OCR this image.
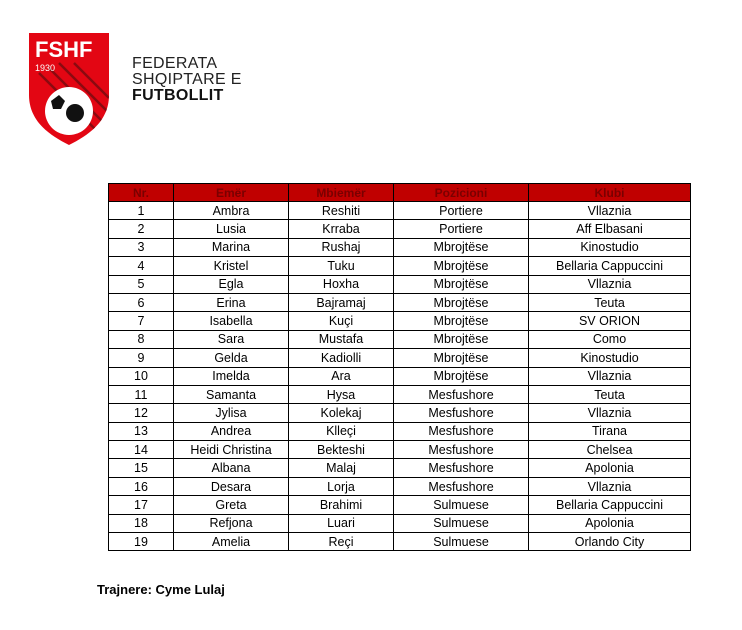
FSHF
1930	FEDERATA
SHQIPTARE E
FUTBOLLIT
Nr.	Emër	Mbiemër	Pozicioni	Klubi
1	Ambra	Reshiti	Portiere	Vllaznia
2	Lusia	Krraba	Portiere	Aff Elbasani
3	Marina	Rushaj	Mbrojtëse	Kinostudio
4	Kristel	Tuku	Mbrojtëse	Bellaria Cappuccini
5	Egla	Hoxha	Mbrojtëse	Vllaznia
6	Erina	Bajramaj	Mbrojtëse	Teuta
7	Isabella	Kuçi	Mbrojtëse	SV ORION
8	Sara	Mustafa	Mbrojtëse	Como
9	Gelda	Kadiolli	Mbrojtëse	Kinostudio
10	Imelda	Ara	Mbrojtëse	Vllaznia
11	Samanta	Hysa	Mesfushore	Teuta
12	Jylisa	Kolekaj	Mesfushore	Vllaznia
13	Andrea	Klleçi	Mesfushore	Tirana
14	Heidi Christina	Bekteshi	Mesfushore	Chelsea
15	Albana	Malaj	Mesfushore	Apolonia
16	Desara	Lorja	Mesfushore	Vllaznia
17	Greta	Brahimi	Sulmuese	Bellaria Cappuccini
18	Refjona	Luari	Sulmuese	Apolonia
19	Amelia	Reçi	Sulmuese	Orlando City
Trajnere: Cyme Lulaj
